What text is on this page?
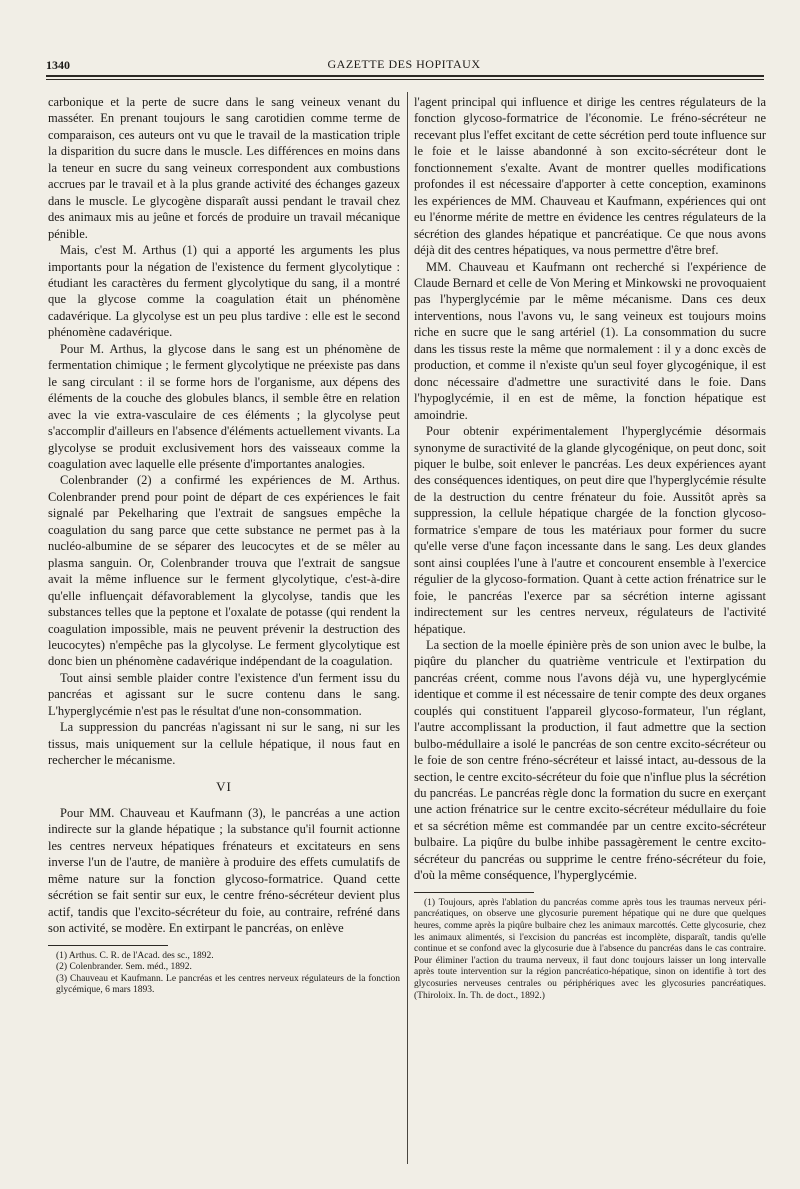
1340	GAZETTE DES HOPITAUX

carbonique et la perte de sucre dans le sang veineux venant du masséter. En prenant toujours le sang carotidien comme terme de comparaison, ces auteurs ont vu que le travail de la mastication triple la disparition du sucre dans le muscle. Les différences en moins dans la teneur en sucre du sang veineux correspondent aux combustions accrues par le travail et à la plus grande activité des échanges gazeux dans le muscle. Le glycogène disparaît aussi pendant le travail chez des animaux mis au jeûne et forcés de produire un travail mécanique pénible.

Mais, c'est M. Arthus (1) qui a apporté les arguments les plus importants pour la négation de l'existence du ferment glycolytique : étudiant les caractères du ferment glycolytique du sang, il a montré que la glycose comme la coagulation était un phénomène cadavérique. La glycolyse est un peu plus tardive : elle est le second phénomène cadavérique.

Pour M. Arthus, la glycose dans le sang est un phénomène de fermentation chimique ; le ferment glycolytique ne préexiste pas dans le sang circulant : il se forme hors de l'organisme, aux dépens des éléments de la couche des globules blancs, il semble être en relation avec la vie extra-vasculaire de ces éléments ; la glycolyse peut s'accomplir d'ailleurs en l'absence d'éléments actuellement vivants. La glycolyse se produit exclusivement hors des vaisseaux comme la coagulation avec laquelle elle présente d'importantes analogies.

Colenbrander (2) a confirmé les expériences de M. Arthus. Colenbrander prend pour point de départ de ces expériences le fait signalé par Pekelharing que l'extrait de sangsues empêche la coagulation du sang parce que cette substance ne permet pas à la nucléo-albumine de se séparer des leucocytes et de se mêler au plasma sanguin. Or, Colenbrander trouva que l'extrait de sangsue avait la même influence sur le ferment glycolytique, c'est-à-dire qu'elle influençait défavorablement la glycolyse, tandis que les substances telles que la peptone et l'oxalate de potasse (qui rendent la coagulation impossible, mais ne peuvent prévenir la destruction des leucocytes) n'empêche pas la glycolyse. Le ferment glycolytique est donc bien un phénomène cadavérique indépendant de la coagulation.

Tout ainsi semble plaider contre l'existence d'un ferment issu du pancréas et agissant sur le sucre contenu dans le sang. L'hyperglycémie n'est pas le résultat d'une non-consommation.

La suppression du pancréas n'agissant ni sur le sang, ni sur les tissus, mais uniquement sur la cellule hépatique, il nous faut en rechercher le mécanisme.

VI

Pour MM. Chauveau et Kaufmann (3), le pancréas a une action indirecte sur la glande hépatique ; la substance qu'il fournit actionne les centres nerveux hépatiques frénateurs et excitateurs en sens inverse l'un de l'autre, de manière à produire des effets cumulatifs de même nature sur la fonction glycoso-formatrice. Quand cette sécrétion se fait sentir sur eux, le centre fréno-sécréteur devient plus actif, tandis que l'excito-sécréteur du foie, au contraire, refréné dans son activité, se modère. En extirpant le pancréas, on enlève

(1) Arthus. C. R. de l'Acad. des sc., 1892.

(2) Colenbrander. Sem. méd., 1892.

(3) Chauveau et Kaufmann. Le pancréas et les centres nerveux régulateurs de la fonction glycémique, 6 mars 1893.

l'agent principal qui influence et dirige les centres régulateurs de la fonction glycoso-formatrice de l'économie. Le fréno-sécréteur ne recevant plus l'effet excitant de cette sécrétion perd toute influence sur le foie et le laisse abandonné à son excito-sécréteur dont le fonctionnement s'exalte. Avant de montrer quelles modifications profondes il est nécessaire d'apporter à cette conception, examinons les expériences de MM. Chauveau et Kaufmann, expériences qui ont eu l'énorme mérite de mettre en évidence les centres régulateurs de la sécrétion des glandes hépatique et pancréatique. Ce que nous avons déjà dit des centres hépatiques, va nous permettre d'être bref.

MM. Chauveau et Kaufmann ont recherché si l'expérience de Claude Bernard et celle de Von Mering et Minkowski ne provoquaient pas l'hyperglycémie par le même mécanisme. Dans ces deux interventions, nous l'avons vu, le sang veineux est toujours moins riche en sucre que le sang artériel (1). La consommation du sucre dans les tissus reste la même que normalement : il y a donc excès de production, et comme il n'existe qu'un seul foyer glycogénique, il est donc nécessaire d'admettre une suractivité dans le foie. Dans l'hypoglycémie, il en est de même, la fonction hépatique est amoindrie.

Pour obtenir expérimentalement l'hyperglycémie désormais synonyme de suractivité de la glande glycogénique, on peut donc, soit piquer le bulbe, soit enlever le pancréas. Les deux expériences ayant des conséquences identiques, on peut dire que l'hyperglycémie résulte de la destruction du centre frénateur du foie. Aussitôt après sa suppression, la cellule hépatique chargée de la fonction glycoso-formatrice s'empare de tous les matériaux pour former du sucre qu'elle verse d'une façon incessante dans le sang. Les deux glandes sont ainsi couplées l'une à l'autre et concourent ensemble à l'exercice régulier de la glycoso-formation. Quant à cette action frénatrice sur le foie, le pancréas l'exerce par sa sécrétion interne agissant indirectement sur les centres nerveux, régulateurs de l'activité hépatique.

La section de la moelle épinière près de son union avec le bulbe, la piqûre du plancher du quatrième ventricule et l'extirpation du pancréas créent, comme nous l'avons déjà vu, une hyperglycémie identique et comme il est nécessaire de tenir compte des deux organes couplés qui constituent l'appareil glycoso-formateur, l'un réglant, l'autre accomplissant la production, il faut admettre que la section bulbo-médullaire a isolé le pancréas de son centre excito-sécréteur ou le foie de son centre fréno-sécréteur et laissé intact, au-dessous de la section, le centre excito-sécréteur du foie que n'influe plus la sécrétion du pancréas. Le pancréas règle donc la formation du sucre en exerçant une action frénatrice sur le centre excito-sécréteur médullaire du foie et sa sécrétion même est commandée par un centre excito-sécréteur bulbaire. La piqûre du bulbe inhibe passagèrement le centre excito-sécréteur du pancréas ou supprime le centre fréno-sécréteur du foie, d'où la même conséquence, l'hyperglycémie.

(1) Toujours, après l'ablation du pancréas comme après tous les traumas nerveux péri-pancréatiques, on observe une glycosurie purement hépatique qui ne dure que quelques heures, comme après la piqûre bulbaire chez les animaux marcottés. Cette glycosurie, chez les animaux alimentés, si l'excision du pancréas est incomplète, disparaît, tandis qu'elle continue et se confond avec la glycosurie due à l'absence du pancréas dans le cas contraire. Pour éliminer l'action du trauma nerveux, il faut donc toujours laisser un long intervalle après toute intervention sur la région pancréatico-hépatique, sinon on identifie à tort des glycosuries nerveuses centrales ou périphériques avec les glycosuries pancréatiques. (Thiroloix. In. Th. de doct., 1892.)
